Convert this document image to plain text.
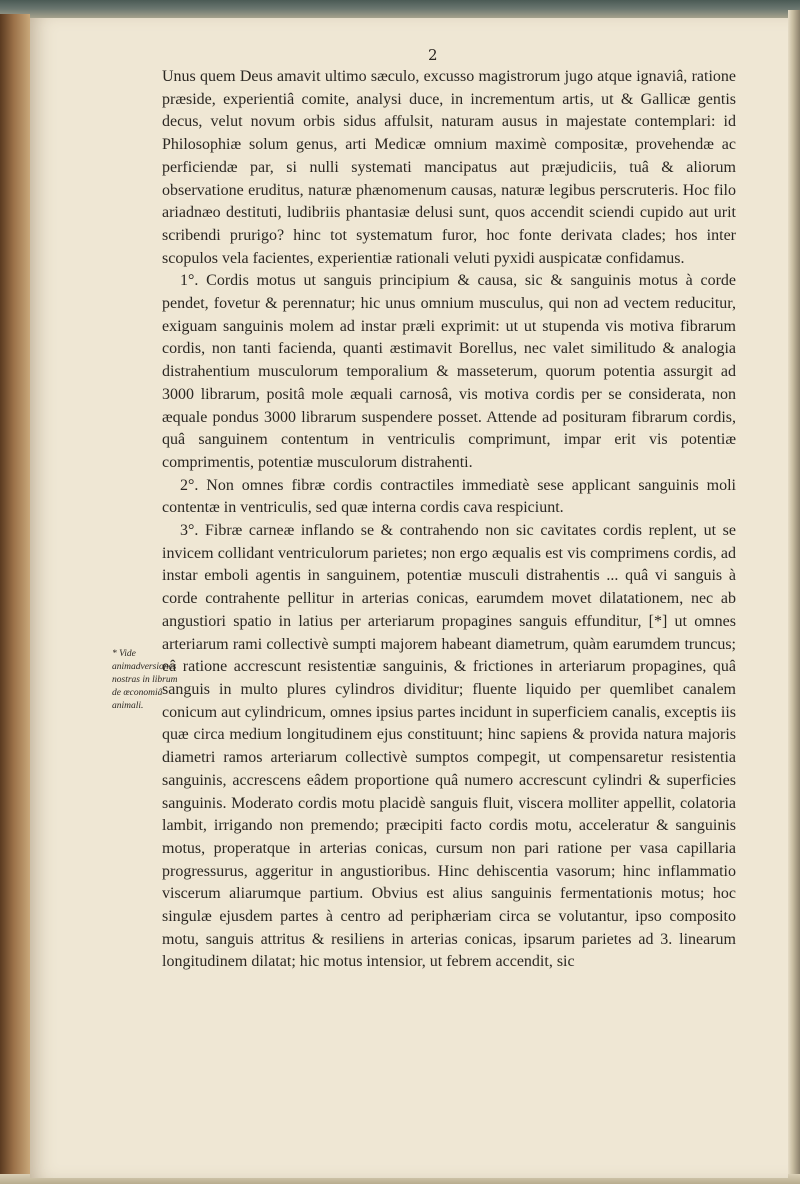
2

Unus quem Deus amavit ultimo sæculo, excusso magistrorum jugo atque ignaviâ, ratione præside, experientiâ comite, analysi duce, in incrementum artis, ut & Gallicæ gentis decus, velut novum orbis sidus affulsit, naturam ausus in majestate contemplari: id Philosophiæ solum genus, arti Medicæ omnium maximè compositæ, provehendæ ac perficiendæ par, si nulli systemati mancipatus aut præjudiciis, tuâ & aliorum observatione eruditus, naturæ phænomenum causas, naturæ legibus perscruteris. Hoc filo ariadnæo destituti, ludibriis phantasiæ delusi sunt, quos accendit sciendi cupido aut urit scribendi prurigo? hinc tot systematum furor, hoc fonte derivata clades; hos inter scopulos vela facientes, experientiæ rationali veluti pyxidi auspicatæ confidamus.

1°. Cordis motus ut sanguis principium & causa, sic & sanguinis motus à corde pendet, fovetur & perennatur; hic unus omnium musculus, qui non ad vectem reducitur, exiguam sanguinis molem ad instar præli exprimit: ut ut stupenda vis motiva fibrarum cordis, non tanti facienda, quanti æstimavit Borellus, nec valet similitudo & analogia distrahentium musculorum temporalium & masseterum, quorum potentia assurgit ad 3000 librarum, positâ mole æquali carnosâ, vis motiva cordis per se considerata, non æquale pondus 3000 librarum suspendere posset. Attende ad posituram fibrarum cordis, quâ sanguinem contentum in ventriculis comprimunt, impar erit vis potentiæ comprimentis, potentiæ musculorum distrahenti.

2°. Non omnes fibræ cordis contractiles immediatè sese applicant sanguinis moli contentæ in ventriculis, sed quæ interna cordis cava respiciunt.

3°. Fibræ carneæ inflando se & contrahendo non sic cavitates cordis replent, ut se invicem collidant ventriculorum parietes; non ergo æqualis est vis comprimens cordis, ad instar emboli agentis in sanguinem, potentiæ musculi distrahentis ... quâ vi sanguis à corde contrahente pellitur in arterias conicas, earumdem movet dilatationem, nec ab angustiori spatio in latius per arteriarum propagines sanguis effunditur, [*] ut omnes arteriarum rami collectivè sumpti majorem habeant diametrum, quàm earumdem truncus; eâ ratione accrescunt resistentiæ sanguinis, & frictiones in arteriarum propagines, quâ sanguis in multo plures cylindros dividitur; fluente liquido per quemlibet canalem conicum aut cylindricum, omnes ipsius partes incidunt in superficiem canalis, exceptis iis quæ circa medium longitudinem ejus constituunt; hinc sapiens & provida natura majoris diametri ramos arteriarum collectivè sumptos compegit, ut compensaretur resistentia sanguinis, accrescens eâdem proportione quâ numero accrescunt cylindri & superficies sanguinis. Moderato cordis motu placidè sanguis fluit, viscera molliter appellit, colatoria lambit, irrigando non premendo; præcipiti facto cordis motu, acceleratur & sanguinis motus, properatque in arterias conicas, cursum non pari ratione per vasa capillaria progressurus, aggeritur in angustioribus. Hinc dehiscentia vasorum; hinc inflammatio viscerum aliarumque partium. Obvius est alius sanguinis fermentationis motus; hoc singulæ ejusdem partes à centro ad periphæriam circa se volutantur, ipso composito motu, sanguis attritus & resiliens in arterias conicas, ipsarum parietes ad 3. linearum longitudinem dilatat; hic motus intensior, ut febrem accendit, sic

* Vide animadversiones nostras in librum de œconomiâ animali.
